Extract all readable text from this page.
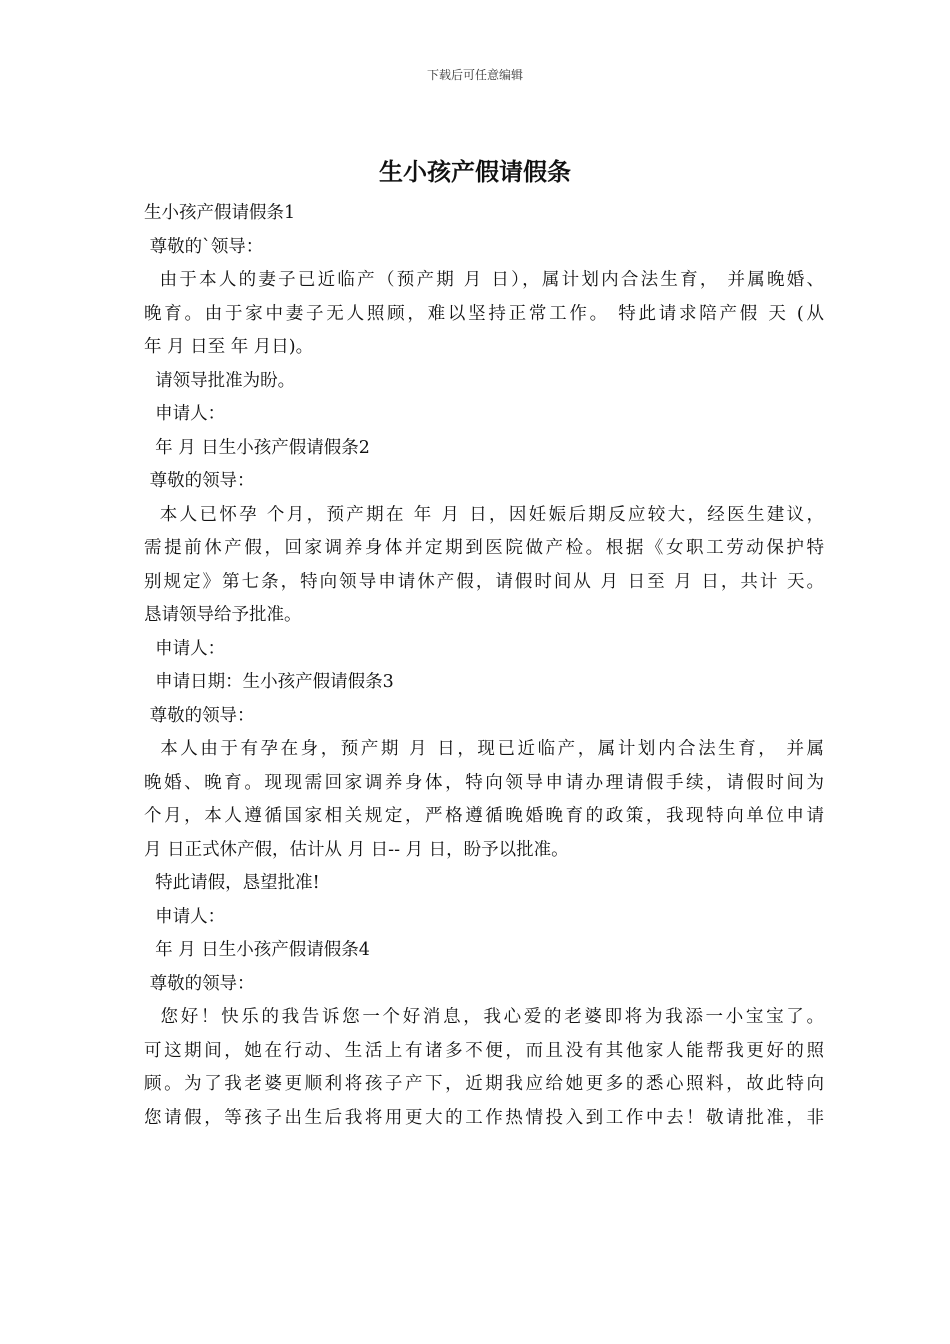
下载后可任意编辑
生小孩产假请假条
生小孩产假请假条1
尊敬的`领导：
由于本人的妻子已近临产（预产期 月 日），属计划内合法生育， 并属晚婚、
晚育。由于家中妻子无人照顾，难以坚持正常工作。 特此请求陪产假 天 (从
年 月 日至 年 月日)。
请领导批准为盼。
申请人：
年 月 日生小孩产假请假条2
尊敬的领导：
本人已怀孕 个月，预产期在 年 月 日，因妊娠后期反应较大，经医生建议，
需提前休产假，回家调养身体并定期到医院做产检。根据《女职工劳动保护特
别规定》第七条，特向领导申请休产假，请假时间从 月 日至 月 日，共计 天。
恳请领导给予批准。
申请人：
申请日期：生小孩产假请假条3
尊敬的领导：
本人由于有孕在身，预产期 月 日，现已近临产，属计划内合法生育， 并属
晚婚、晚育。现现需回家调养身体，特向领导申请办理请假手续，请假时间为
个月，本人遵循国家相关规定，严格遵循晚婚晚育的政策，我现特向单位申请
月 日正式休产假，估计从 月 日-- 月 日，盼予以批准。
特此请假，恳望批准!
申请人：
年 月 日生小孩产假请假条4
尊敬的领导：
您好！快乐的我告诉您一个好消息，我心爱的老婆即将为我添一小宝宝了。
可这期间，她在行动、生活上有诸多不便，而且没有其他家人能帮我更好的照
顾。为了我老婆更顺利将孩子产下，近期我应给她更多的悉心照料，故此特向
您请假，等孩子出生后我将用更大的工作热情投入到工作中去！敬请批准，非
